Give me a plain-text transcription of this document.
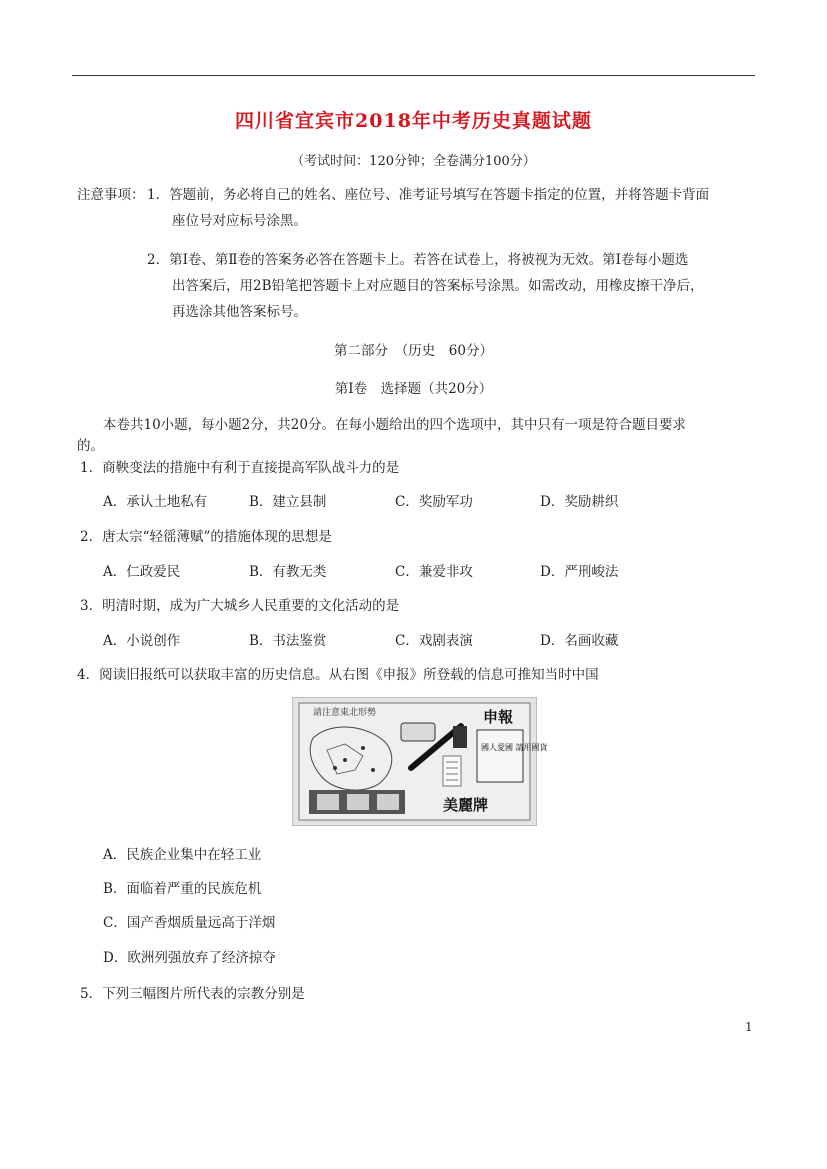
四川省宜宾市2018年中考历史真题试题
（考试时间：120分钟；全卷满分100分）
注意事项： 1．答题前，务必将自己的姓名、座位号、准考证号填写在答题卡指定的位置，并将答题卡背面
座位号对应标号涂黑。
2．第Ⅰ卷、第Ⅱ卷的答案务必答在答题卡上。若答在试卷上，将被视为无效。第Ⅰ卷每小题选
出答案后，用2B铅笔把答题卡上对应题目的答案标号涂黑。如需改动，用橡皮擦干净后，
再选涂其他答案标号。
第二部分　（历史　60分）
第Ⅰ卷　选择题（共20分）
本卷共10小题，每小题2分，共20分。在每小题给出的四个选项中，其中只有一项是符合题目要求
的。
1．商鞅变法的措施中有利于直接提高军队战斗力的是
A．承认土地私有	B．建立县制	C．奖励军功	D．奖励耕织
2．唐太宗“轻徭薄赋”的措施体现的思想是
A．仁政爱民	B．有教无类	C．兼爱非攻	D．严刑峻法
3．明清时期，成为广大城乡人民重要的文化活动的是
A．小说创作	B．书法鉴赏	C．戏剧表演	D．名画收藏
4．阅读旧报纸可以获取丰富的历史信息。从右图《申报》所登载的信息可推知当时中国
請注意東北形勢	申報
國人愛國 請用國貨
美麗牌
A．民族企业集中在轻工业
B．面临着严重的民族危机
C．国产香烟质量远高于洋烟
D．欧洲列强放弃了经济掠夺
5．下列三幅图片所代表的宗教分别是
1
